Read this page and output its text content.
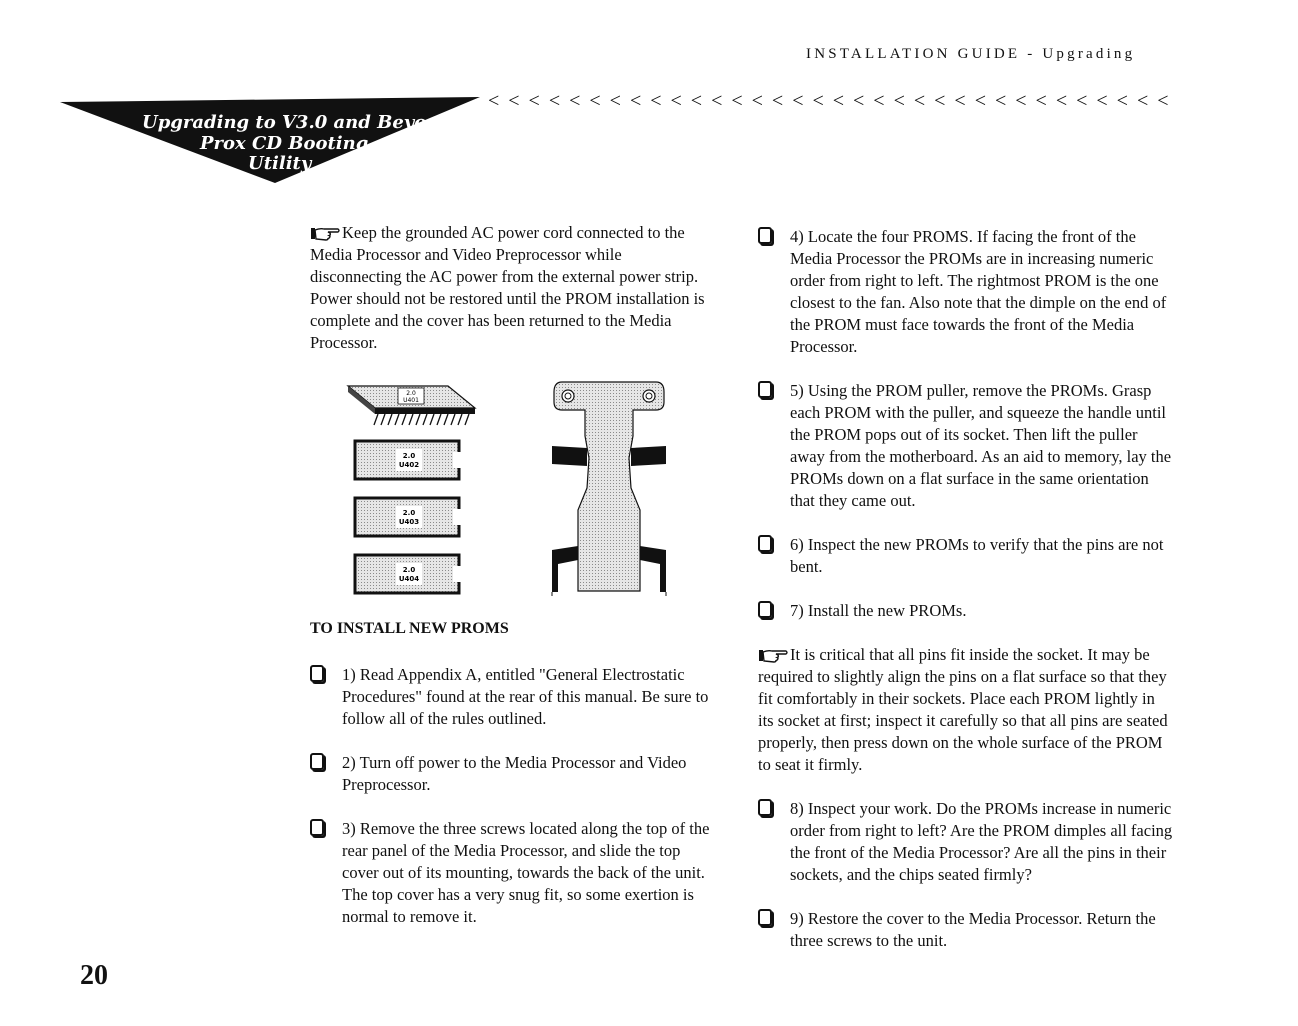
INSTALLATION GUIDE - Upgrading
Upgrading to V3.0 and Beyond -
Prox CD Booting
Utility
< < < < < < < < < < < < < < < < < < < < < < < < < < < < < < < < < <

Keep the grounded AC power cord connected to the Media Processor and Video Preprocessor while disconnecting the AC power from the external power strip. Power should not be restored until the PROM installation is complete and the cover has been returned to the Media Processor.

2.0
U401
2.0
U402
2.0
U403
2.0
U404
TO INSTALL NEW PROMS
1) Read Appendix A, entitled "General Electrostatic Procedures" found at the rear of this manual. Be sure to follow all of the rules outlined.
2) Turn off power to the Media Processor and Video Preprocessor.
3) Remove the three screws located along the top of the rear panel of the Media Processor, and slide the top cover out of its mounting, towards the back of the unit. The top cover has a very snug fit, so some exertion is normal to remove it.
4) Locate the four PROMS. If facing the front of the Media Processor the PROMs are in increasing numeric order from right to left. The rightmost PROM is the one closest to the fan. Also note that the dimple on the end of the PROM must face towards the front of the Media Processor.
5) Using the PROM puller, remove the PROMs. Grasp each PROM with the puller, and squeeze the handle until the PROM pops out of its socket. Then lift the puller away from the motherboard. As an aid to memory, lay the PROMs down on a flat surface in the same orientation that they came out.
6) Inspect the new PROMs to verify that the pins are not bent.
7) Install the new PROMs.

It is critical that all pins fit inside the socket. It may be required to slightly align the pins on a flat surface so that they fit comfortably in their sockets. Place each PROM lightly in its socket at first; inspect it carefully so that all pins are seated properly, then press down on the whole surface of the PROM to seat it firmly.

8) Inspect your work. Do the PROMs increase in numeric order from right to left? Are the PROM dimples all facing the front of the Media Processor? Are all the pins in their sockets, and the chips seated firmly?
9) Restore the cover to the Media Processor. Return the three screws to the unit.
20
